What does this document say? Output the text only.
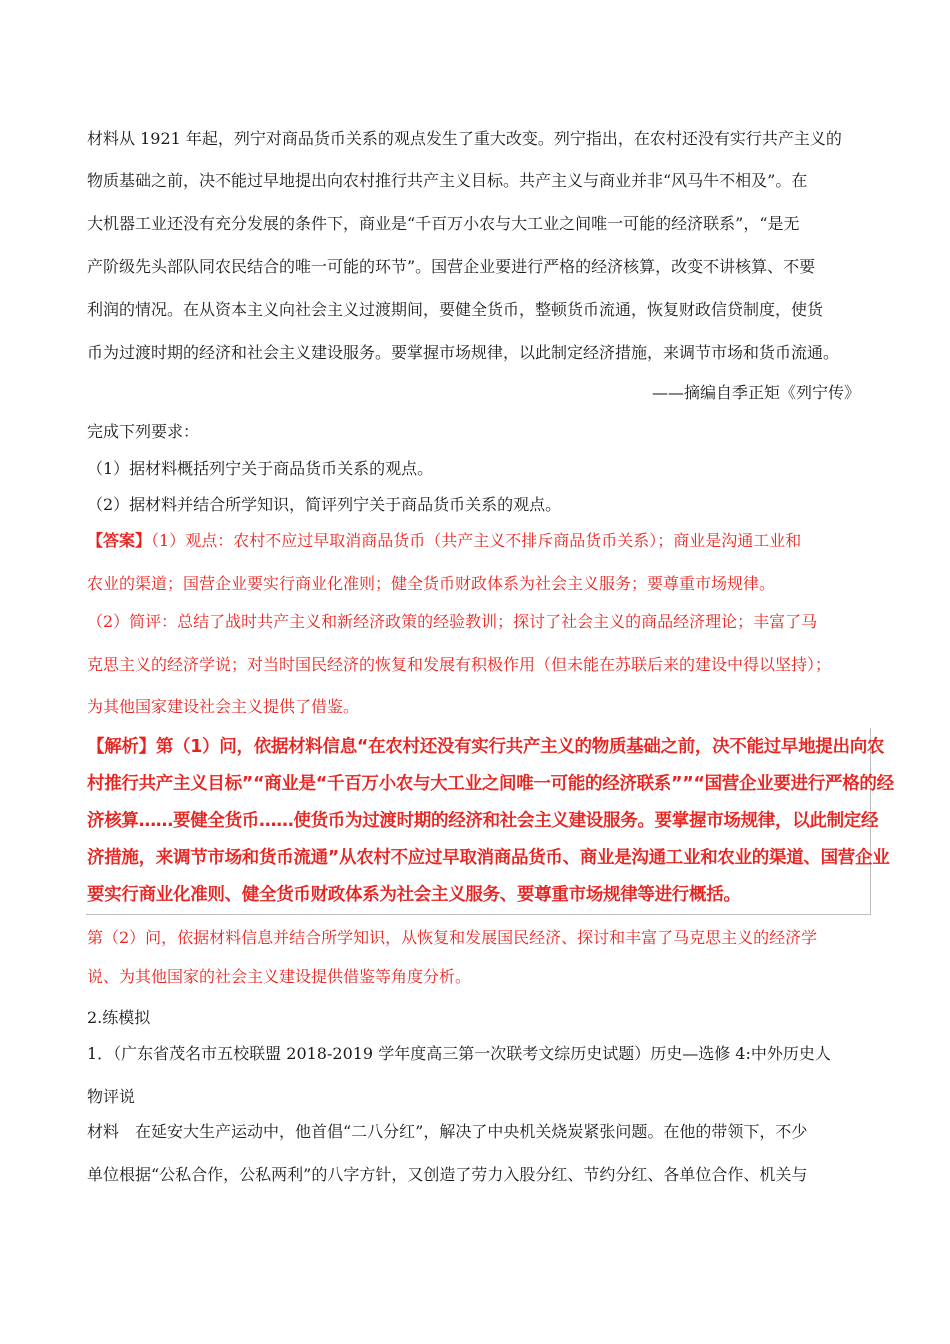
材料从 1921 年起，列宁对商品货币关系的观点发生了重大改变。列宁指出，在农村还没有实行共产主义的
物质基础之前，决不能过早地提出向农村推行共产主义目标。共产主义与商业并非“风马牛不相及”。在
大机器工业还没有充分发展的条件下，商业是“千百万小农与大工业之间唯一可能的经济联系”，“是无
产阶级先头部队同农民结合的唯一可能的环节”。国营企业要进行严格的经济核算，改变不讲核算、不要
利润的情况。在从资本主义向社会主义过渡期间，要健全货币，整顿货币流通，恢复财政信贷制度，使货
币为过渡时期的经济和社会主义建设服务。要掌握市场规律，以此制定经济措施，来调节市场和货币流通。
——摘编自季正矩《列宁传》
完成下列要求：
（1）据材料概括列宁关于商品货币关系的观点。
（2）据材料并结合所学知识，简评列宁关于商品货币关系的观点。
【答案】（1）观点：农村不应过早取消商品货币（共产主义不排斥商品货币关系）；商业是沟通工业和
农业的渠道；国营企业要实行商业化准则；健全货币财政体系为社会主义服务；要尊重市场规律。
（2）简评：总结了战时共产主义和新经济政策的经验教训；探讨了社会主义的商品经济理论；丰富了马
克思主义的经济学说；对当时国民经济的恢复和发展有积极作用（但未能在苏联后来的建设中得以坚持）；
为其他国家建设社会主义提供了借鉴。
【解析】第（1）问，依据材料信息“在农村还没有实行共产主义的物质基础之前，决不能过早地提出向农
村推行共产主义目标”“商业是“千百万小农与大工业之间唯一可能的经济联系””“国营企业要进行严格的经
济核算……要健全货币……使货币为过渡时期的经济和社会主义建设服务。要掌握市场规律，以此制定经
济措施，来调节市场和货币流通”从农村不应过早取消商品货币、商业是沟通工业和农业的渠道、国营企业
要实行商业化准则、健全货币财政体系为社会主义服务、要尊重市场规律等进行概括。
第（2）问，依据材料信息并结合所学知识，从恢复和发展国民经济、探讨和丰富了马克思主义的经济学
说、为其他国家的社会主义建设提供借鉴等角度分析。
2.练模拟
1．（广东省茂名市五校联盟 2018-2019 学年度高三第一次联考文综历史试题）历史—选修 4:中外历史人
物评说
材料　在延安大生产运动中，他首倡“二八分红”，解决了中央机关烧炭紧张问题。在他的带领下，不少
单位根据“公私合作，公私两利”的八字方针，又创造了劳力入股分红、节约分红、各单位合作、机关与
